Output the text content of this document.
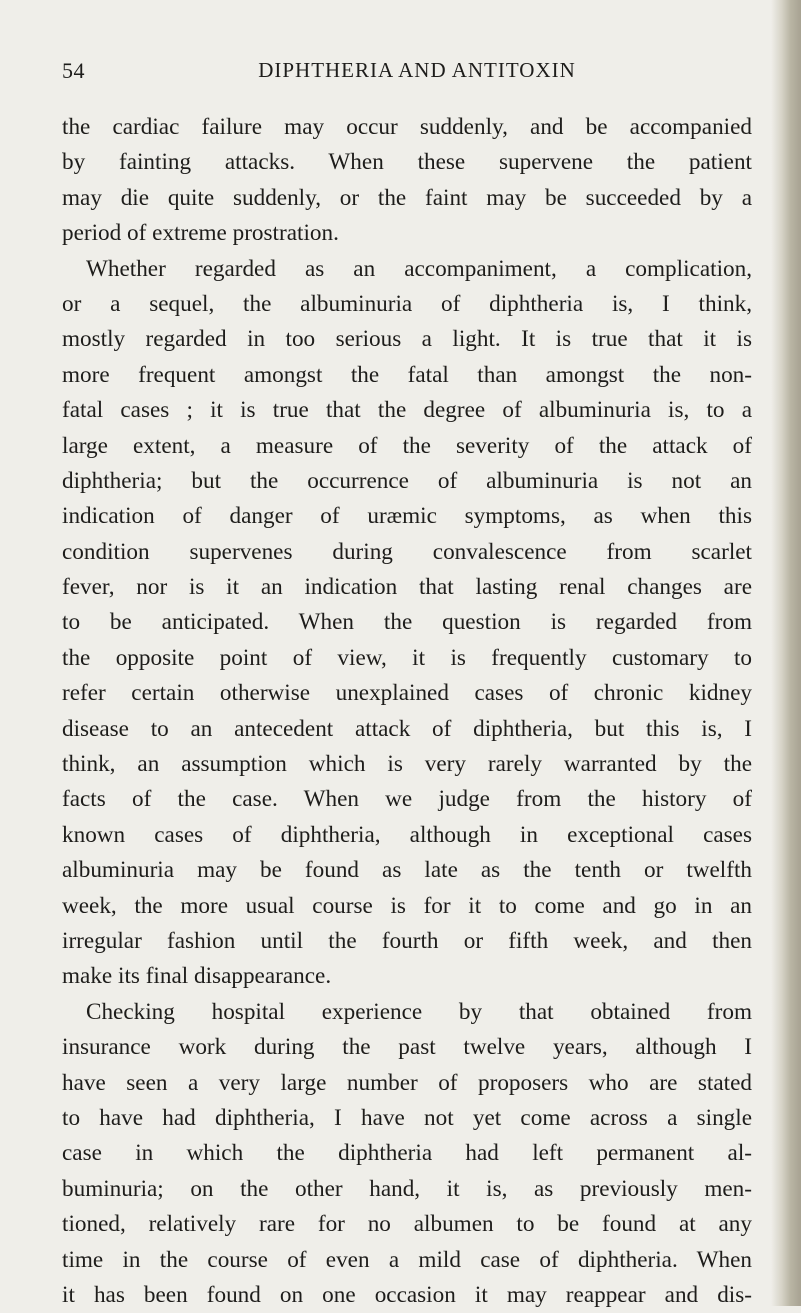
54	DIPHTHERIA AND ANTITOXIN
the cardiac failure may occur suddenly, and be accompanied
by fainting attacks. When these supervene the patient
may die quite suddenly, or the faint may be succeeded by a
period of extreme prostration.
Whether regarded as an accompaniment, a complication,
or a sequel, the albuminuria of diphtheria is, I think,
mostly regarded in too serious a light. It is true that it is
more frequent amongst the fatal than amongst the non-
fatal cases ; it is true that the degree of albuminuria is, to a
large extent, a measure of the severity of the attack of
diphtheria; but the occurrence of albuminuria is not an
indication of danger of uræmic symptoms, as when this
condition supervenes during convalescence from scarlet
fever, nor is it an indication that lasting renal changes are
to be anticipated. When the question is regarded from
the opposite point of view, it is frequently customary to
refer certain otherwise unexplained cases of chronic kidney
disease to an antecedent attack of diphtheria, but this is, I
think, an assumption which is very rarely warranted by the
facts of the case. When we judge from the history of
known cases of diphtheria, although in exceptional cases
albuminuria may be found as late as the tenth or twelfth
week, the more usual course is for it to come and go in an
irregular fashion until the fourth or fifth week, and then
make its final disappearance.
Checking hospital experience by that obtained from
insurance work during the past twelve years, although I
have seen a very large number of proposers who are stated
to have had diphtheria, I have not yet come across a single
case in which the diphtheria had left permanent al-
buminuria; on the other hand, it is, as previously men-
tioned, relatively rare for no albumen to be found at any
time in the course of even a mild case of diphtheria. When
it has been found on one occasion it may reappear and dis-
